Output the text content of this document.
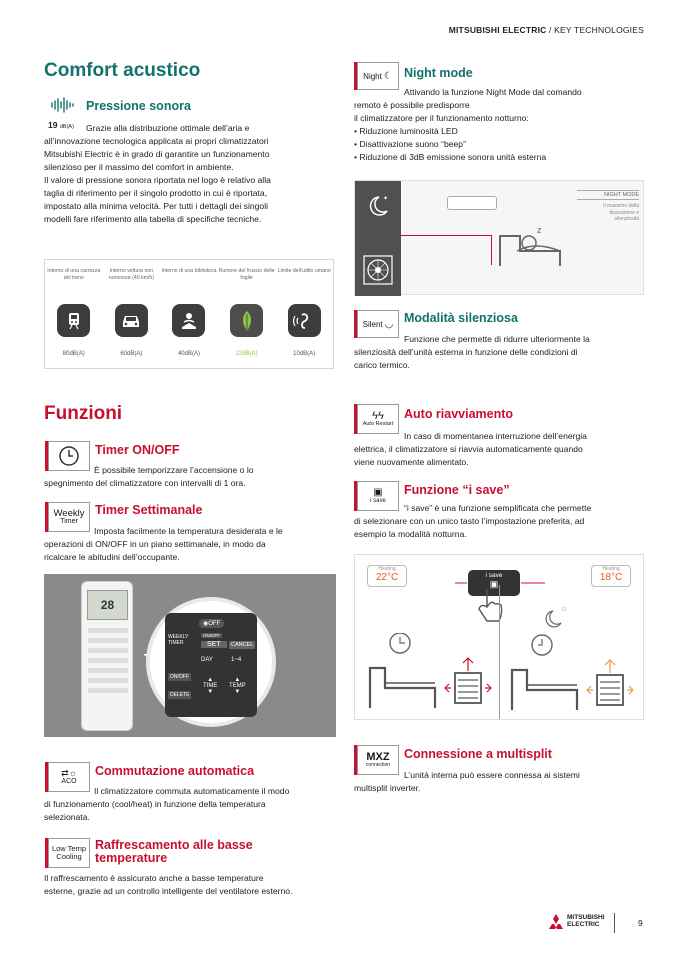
MITSUBISHI ELECTRIC / KEY TECHNOLOGIES
Comfort acustico
Pressione sonora
19 dB(A)	Grazie alla distribuzione ottimale dell’aria e
all’innovazione tecnologica applicata ai propri climatizzatori
Mitsubishi Electric è in grado di garantire un funzionamento
silenzioso per il massimo del comfort in ambiente.
Il valore di pressione sonora riportata nel logo è relativo alla
taglia di riferimento per il singolo prodotto in cui è riportata,
impostato alla minima velocità. Per tutti i dettagli dei singoli
modelli fare riferimento alla tabella di specifiche tecniche.
Interno di una carrozza del treno
80dB(A)
Interno vettura non rumorosa (40 km/h)
60dB(A)
Interno di una biblioteca
40dB(A)
Rumore del fruscio delle foglie
22dB(A)
Limite dell’udito umano
10dB(A)
Night ☾ Night mode
Attivando la funzione Night Mode dal comando
remoto è possibile predisporre
il climatizzatore per il funzionamento notturno:
• Riduzione luminosità LED
• Disattivazione suono “beep”
• Riduzione di 3dB emissione sonora unità esterna
✦
z
NIGHT MODE
Il massimo della discrezione e silenziosità
Silent ◡ Modalità silenziosa
Funzione che permette di ridurre ulteriormente la
silenziosità dell’unità esterna in funzione delle condizioni di
carico termico.
Funzioni
Timer ON/OFF
È possibile temporizzare l’accensione o lo
spegnimento del climatizzatore con intervalli di 1 ora.
Weekly
Timer
Timer Settimanale
Imposta facilmente la temperatura desiderata e le
operazioni di ON/OFF in un piano settimanale, in modo da
ricalcare le abitudini dell’occupante.
28
◉OFF
WEEKLY
TIMER
ON/OFF
SET	CANCEL
DAY	1~4
ON/OFF
DELETE
▲
TIME
▼
▲
TEMP
▼
⇄☼
ACO
Commutazione automatica
Il climatizzatore commuta automaticamente il modo
di funzionamento (cool/heat) in funzione della temperatura
selezionata.
Low Temp
Cooling
Raffrescamento alle basse
temperature
Il raffrescamento è assicurato anche a basse temperature
esterne, grazie ad un controllo intelligente del ventilatore esterno.
ϟϟ
Auto Restart
Auto riavviamento
In caso di momentanea interruzione dell’energia
elettrica, il climatizzatore si riavvia automaticamente quando
viene nuovamente alimentato.
▣
i save
Funzione “i save”
“i save” è una funzione semplificata che permette
di selezionare con un unico tasto l’impostazione preferita, ad
esempio la modalità notturna.
Heating
22°C
Heating
18°C
i save
▣
☆
MXZ
connection
Connessione a multisplit
L’unità interna può essere connessa ai sistemi
multisplit inverter.
MITSUBISHI
ELECTRIC	9
